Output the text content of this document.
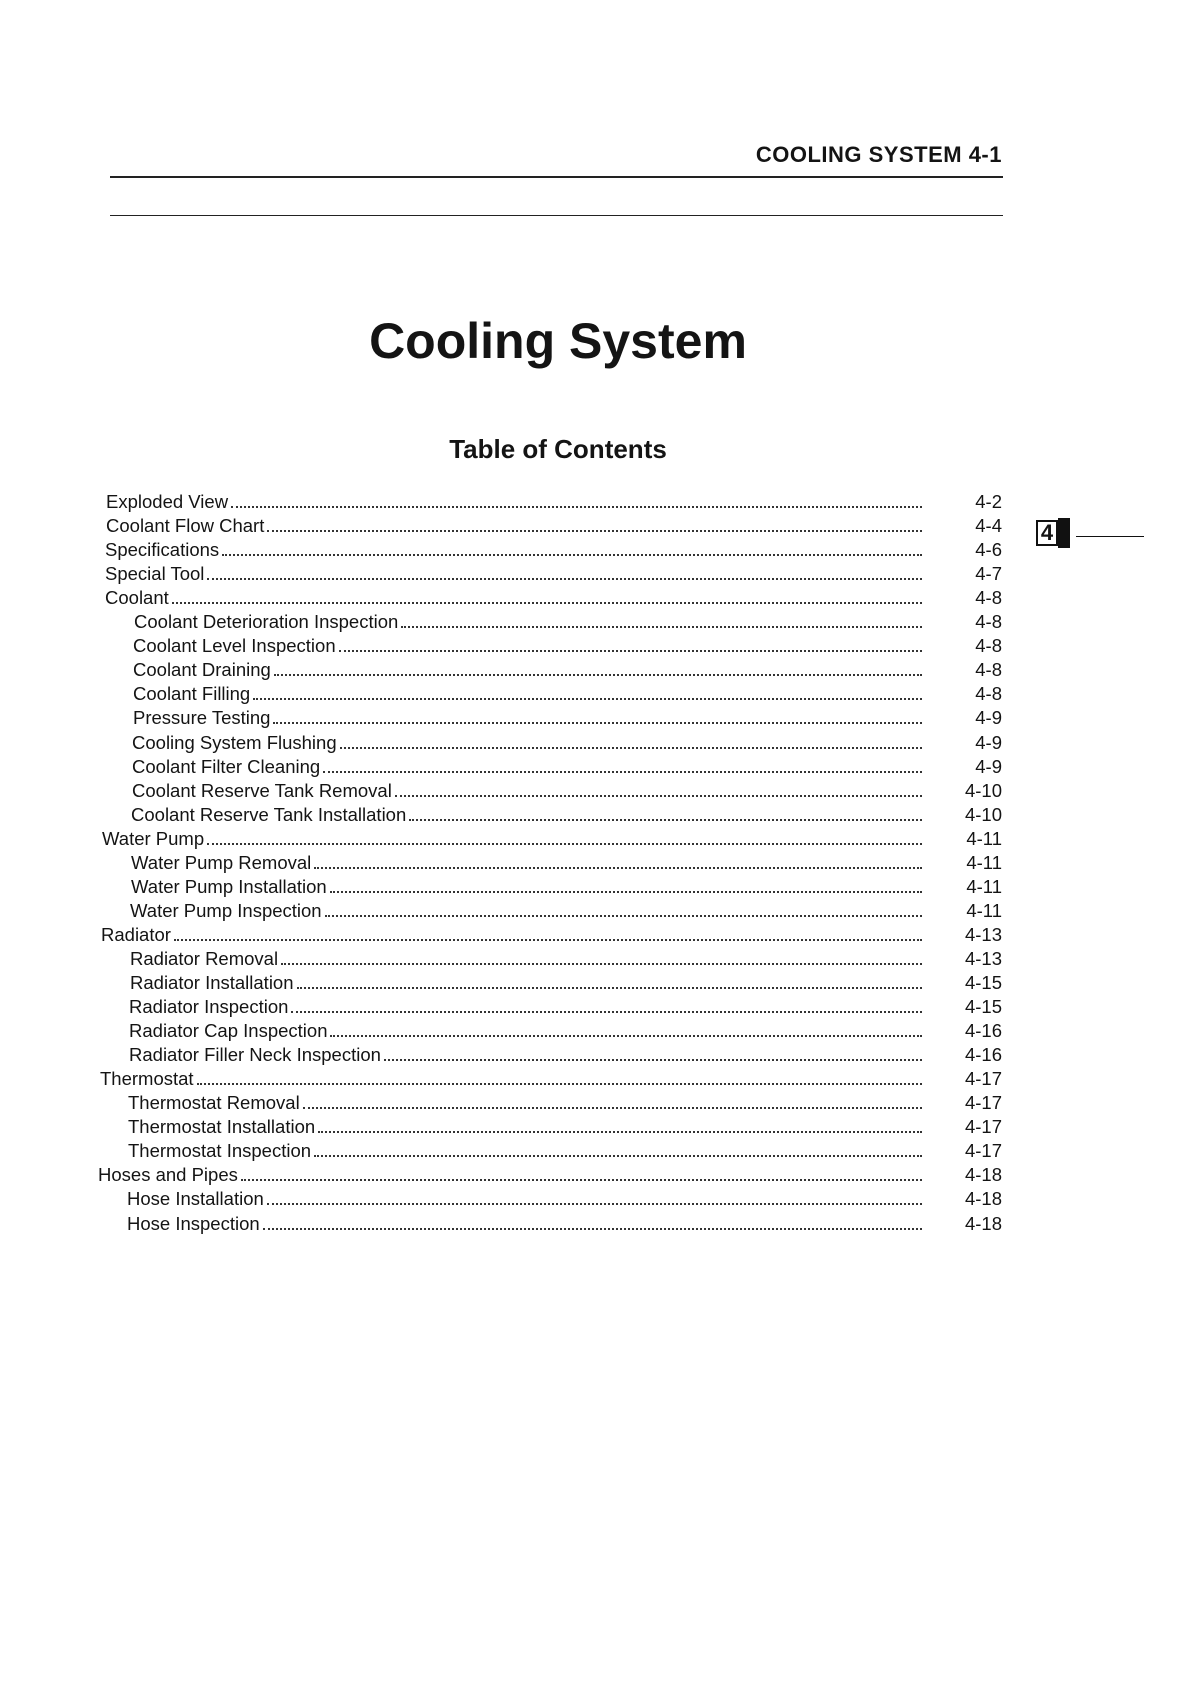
COOLING SYSTEM 4-1
Cooling System
Table of Contents
Exploded View	4-2
Coolant Flow Chart	4-4
Specifications	4-6
Special Tool	4-7
Coolant	4-8
Coolant Deterioration Inspection	4-8
Coolant Level Inspection	4-8
Coolant Draining	4-8
Coolant Filling	4-8
Pressure Testing	4-9
Cooling System Flushing	4-9
Coolant Filter Cleaning	4-9
Coolant Reserve Tank Removal	4-10
Coolant Reserve Tank Installation	4-10
Water Pump	4-11
Water Pump Removal	4-11
Water Pump Installation	4-11
Water Pump Inspection	4-11
Radiator	4-13
Radiator Removal	4-13
Radiator Installation	4-15
Radiator Inspection	4-15
Radiator Cap Inspection	4-16
Radiator Filler Neck Inspection	4-16
Thermostat	4-17
Thermostat Removal	4-17
Thermostat Installation	4-17
Thermostat Inspection	4-17
Hoses and Pipes	4-18
Hose Installation	4-18
Hose Inspection	4-18
4
